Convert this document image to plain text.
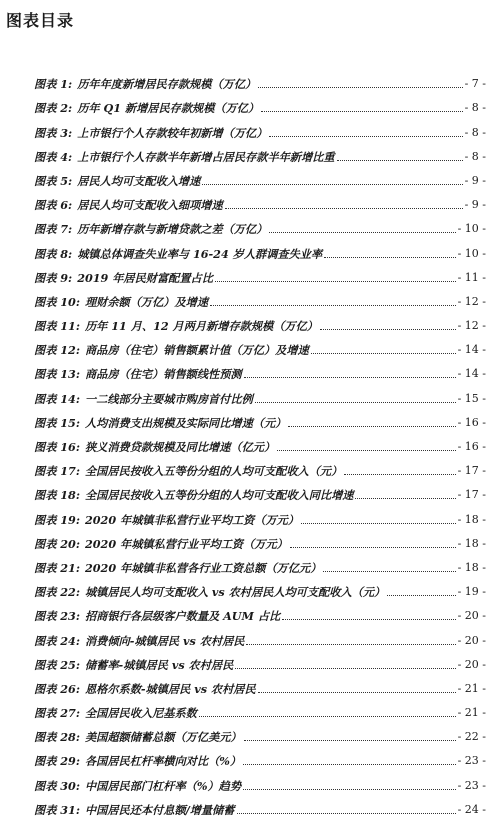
图表目录
图表 1: 历年年度新增居民存款规模（万亿）	- 7 -
图表 2: 历年 Q1 新增居民存款规模（万亿）	- 8 -
图表 3: 上市银行个人存款较年初新增（万亿）	- 8 -
图表 4: 上市银行个人存款半年新增占居民存款半年新增比重	- 8 -
图表 5: 居民人均可支配收入增速	- 9 -
图表 6: 居民人均可支配收入细项增速	- 9 -
图表 7: 历年新增存款与新增贷款之差（万亿）	- 10 -
图表 8: 城镇总体调查失业率与 16-24 岁人群调查失业率	- 10 -
图表 9: 2019 年居民财富配置占比	- 11 -
图表 10: 理财余额（万亿）及增速	- 12 -
图表 11: 历年 11 月、12 月两月新增存款规模（万亿）	- 12 -
图表 12: 商品房（住宅）销售额累计值（万亿）及增速	- 14 -
图表 13: 商品房（住宅）销售额线性预测	- 14 -
图表 14: 一二线部分主要城市购房首付比例	- 15 -
图表 15: 人均消费支出规模及实际同比增速（元）	- 16 -
图表 16: 狭义消费贷款规模及同比增速（亿元）	- 16 -
图表 17: 全国居民按收入五等份分组的人均可支配收入（元）	- 17 -
图表 18: 全国居民按收入五等份分组的人均可支配收入同比增速	- 17 -
图表 19: 2020 年城镇非私营行业平均工资（万元）	- 18 -
图表 20: 2020 年城镇私营行业平均工资（万元）	- 18 -
图表 21: 2020 年城镇非私营各行业工资总额（万亿元）	- 18 -
图表 22: 城镇居民人均可支配收入 vs 农村居民人均可支配收入（元）	- 19 -
图表 23: 招商银行各层级客户数量及 AUM 占比	- 20 -
图表 24: 消费倾向-城镇居民 vs 农村居民	- 20 -
图表 25: 储蓄率-城镇居民 vs 农村居民	- 20 -
图表 26: 恩格尔系数-城镇居民 vs 农村居民	- 21 -
图表 27: 全国居民收入尼基系数	- 21 -
图表 28: 美国超额储蓄总额（万亿美元）	- 22 -
图表 29: 各国居民杠杆率横向对比（%）	- 23 -
图表 30: 中国居民部门杠杆率（%）趋势	- 23 -
图表 31: 中国居民还本付息额/增量储蓄	- 24 -
